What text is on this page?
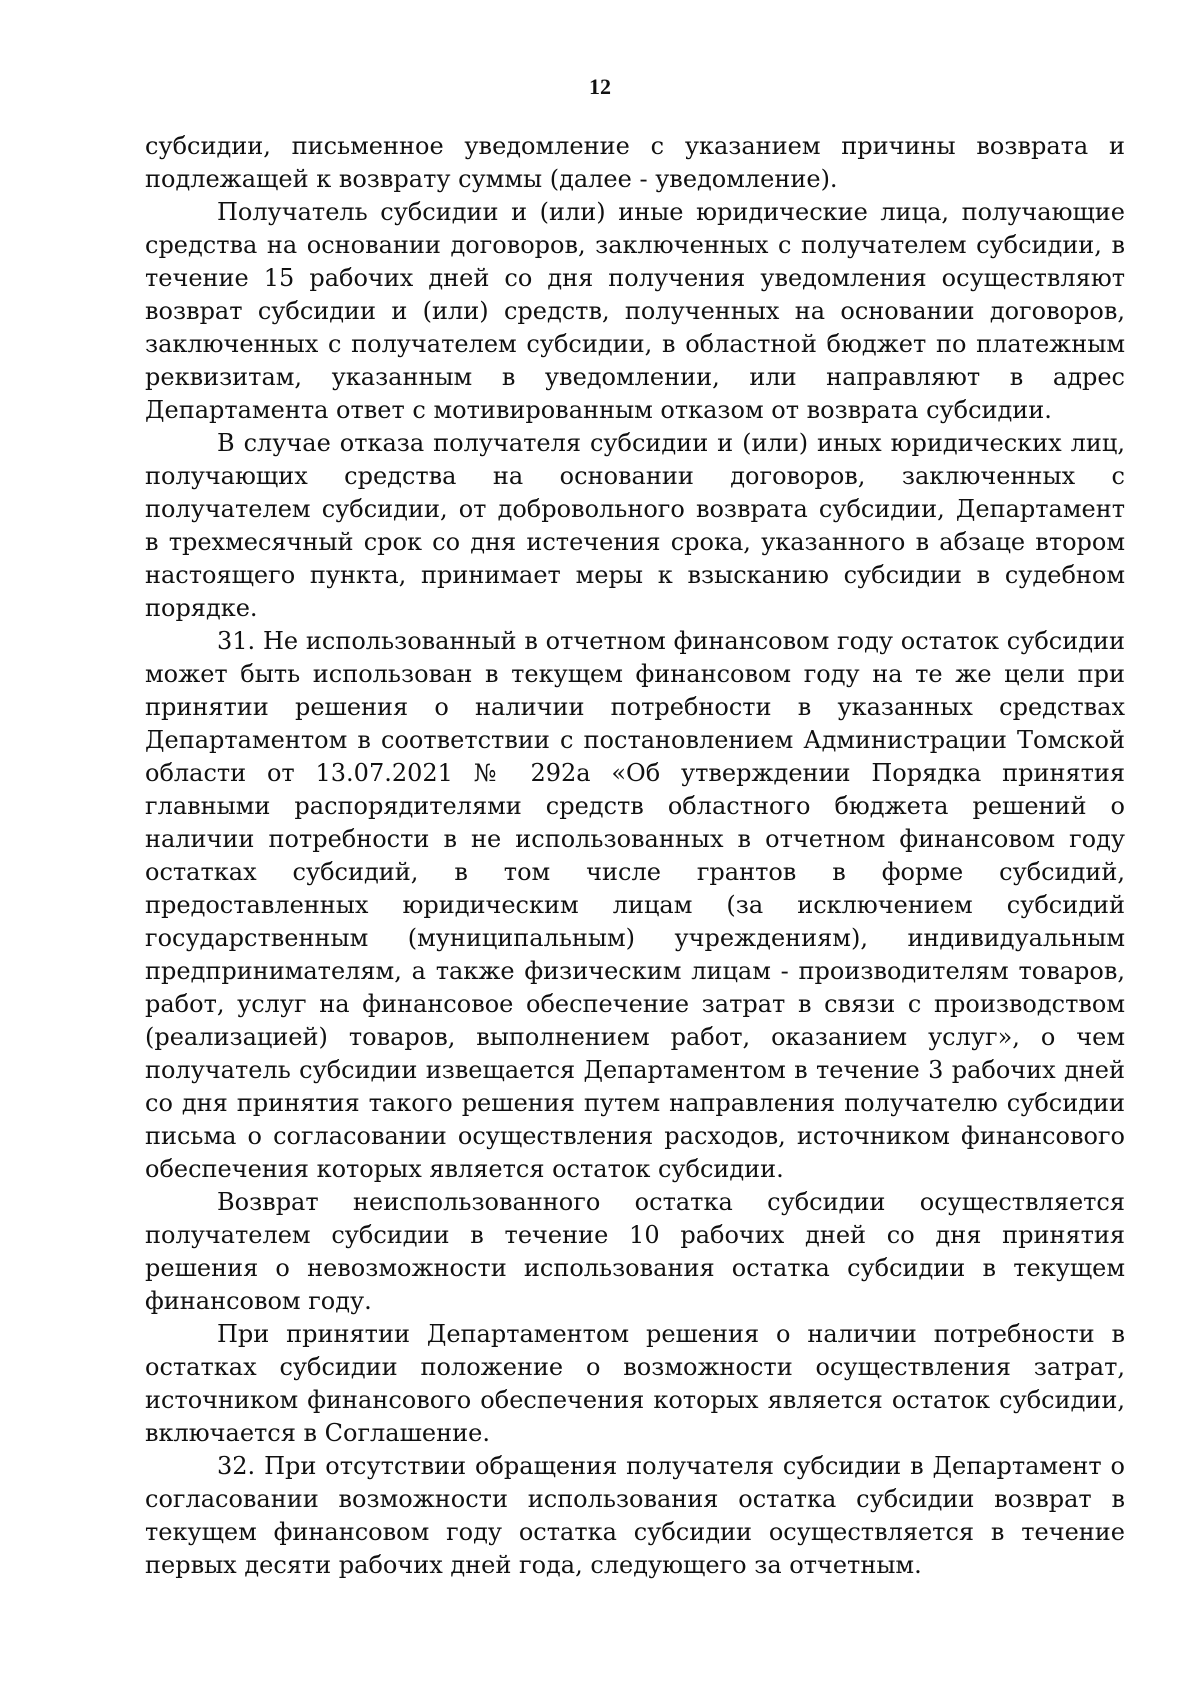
12

субсидии, письменное уведомление с указанием причины возврата и подлежащей к возврату суммы (далее - уведомление).

Получатель субсидии и (или) иные юридические лица, получающие средства на основании договоров, заключенных с получателем субсидии, в течение 15 рабочих дней со дня получения уведомления осуществляют возврат субсидии и (или) средств, полученных на основании договоров, заключенных с получателем субсидии, в областной бюджет по платежным реквизитам, указанным в уведомлении, или направляют в адрес Департамента ответ с мотивированным отказом от возврата субсидии.

В случае отказа получателя субсидии и (или) иных юридических лиц, получающих средства на основании договоров, заключенных с получателем субсидии, от добровольного возврата субсидии, Департамент в трехмесячный срок со дня истечения срока, указанного в абзаце втором настоящего пункта, принимает меры к взысканию субсидии в судебном порядке.

31. Не использованный в отчетном финансовом году остаток субсидии может быть использован в текущем финансовом году на те же цели при принятии решения о наличии потребности в указанных средствах Департаментом в соответствии с постановлением Администрации Томской области от 13.07.2021 № 292а «Об утверждении Порядка принятия главными распорядителями средств областного бюджета решений о наличии потребности в не использованных в отчетном финансовом году остатках субсидий, в том числе грантов в форме субсидий, предоставленных юридическим лицам (за исключением субсидий государственным (муниципальным) учреждениям), индивидуальным предпринимателям, а также физическим лицам - производителям товаров, работ, услуг на финансовое обеспечение затрат в связи с производством (реализацией) товаров, выполнением работ, оказанием услуг», о чем получатель субсидии извещается Департаментом в течение 3 рабочих дней со дня принятия такого решения путем направления получателю субсидии письма о согласовании осуществления расходов, источником финансового обеспечения которых является остаток субсидии.

Возврат неиспользованного остатка субсидии осуществляется получателем субсидии в течение 10 рабочих дней со дня принятия решения о невозможности использования остатка субсидии в текущем финансовом году.

При принятии Департаментом решения о наличии потребности в остатках субсидии положение о возможности осуществления затрат, источником финансового обеспечения которых является остаток субсидии, включается в Соглашение.

32. При отсутствии обращения получателя субсидии в Департамент о согласовании возможности использования остатка субсидии возврат в текущем финансовом году остатка субсидии осуществляется в течение первых десяти рабочих дней года, следующего за отчетным.
